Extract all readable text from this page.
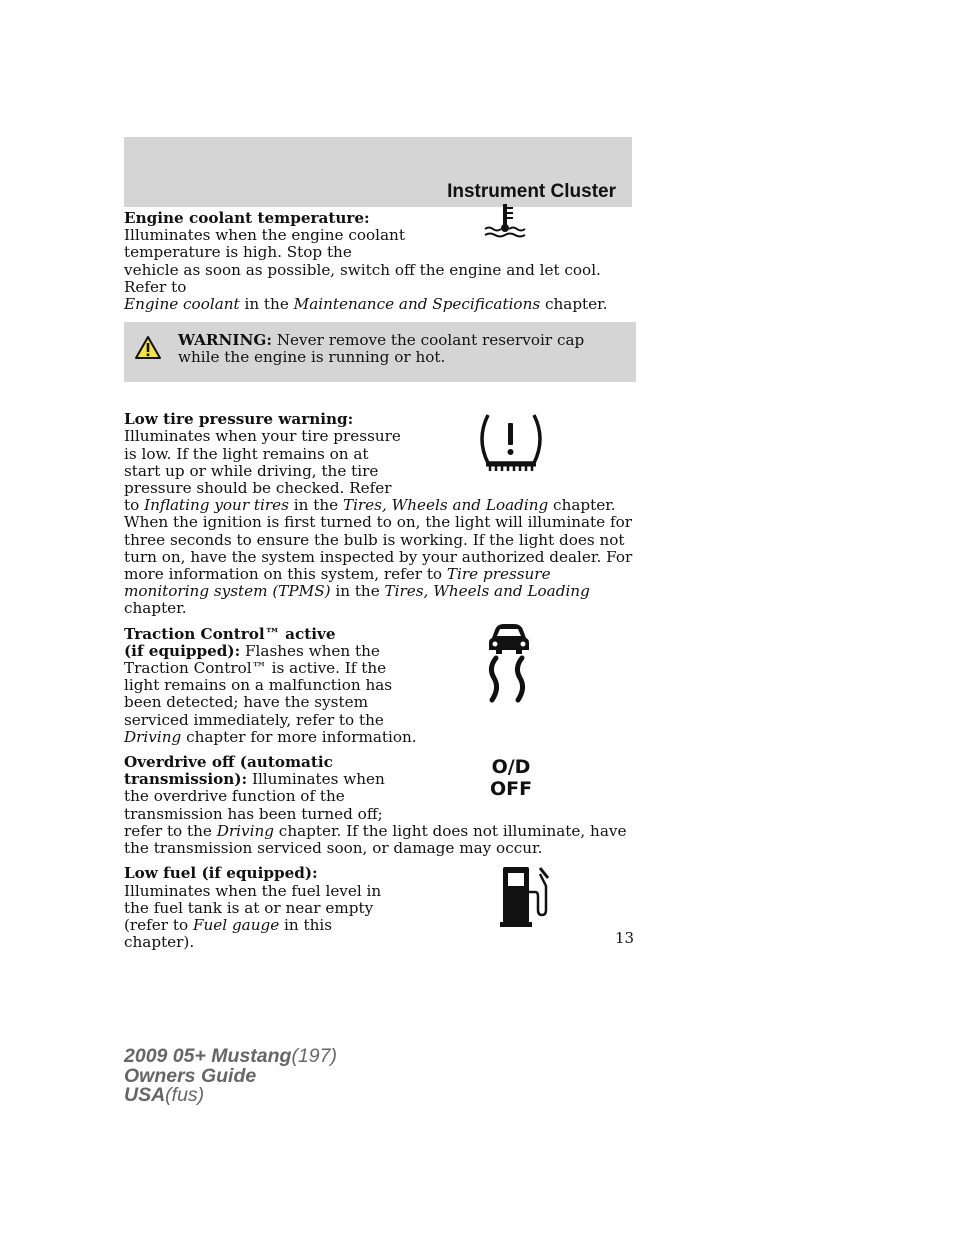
Instrument Cluster

Engine coolant temperature:

Illuminates when the engine coolant

temperature is high. Stop the

vehicle as soon as possible, switch off the engine and let cool. Refer to

Engine coolant in the Maintenance and Specifications chapter.

WARNING: Never remove the coolant reservoir cap while the engine is running or hot.

Low tire pressure warning:

Illuminates when your tire pressure

is low. If the light remains on at

start up or while driving, the tire

pressure should be checked. Refer

to Inflating your tires in the Tires, Wheels and Loading chapter. When the ignition is first turned to on, the light will illuminate for three seconds to ensure the bulb is working. If the light does not turn on, have the system inspected by your authorized dealer. For more information on this system, refer to Tire pressure monitoring system (TPMS) in the Tires, Wheels and Loading chapter.

Traction Control™ active

(if equipped): Flashes when the

Traction Control™ is active. If the

light remains on a malfunction has

been detected; have the system

serviced immediately, refer to the

Driving chapter for more information.

O/D
OFF

Overdrive off (automatic

transmission): Illuminates when

the overdrive function of the

transmission has been turned off;

refer to the Driving chapter. If the light does not illuminate, have the transmission serviced soon, or damage may occur.

Low fuel (if equipped):

Illuminates when the fuel level in

the fuel tank is at or near empty

(refer to Fuel gauge in this

chapter).	13
2009 05+ Mustang(197)
Owners Guide
USA(fus)
